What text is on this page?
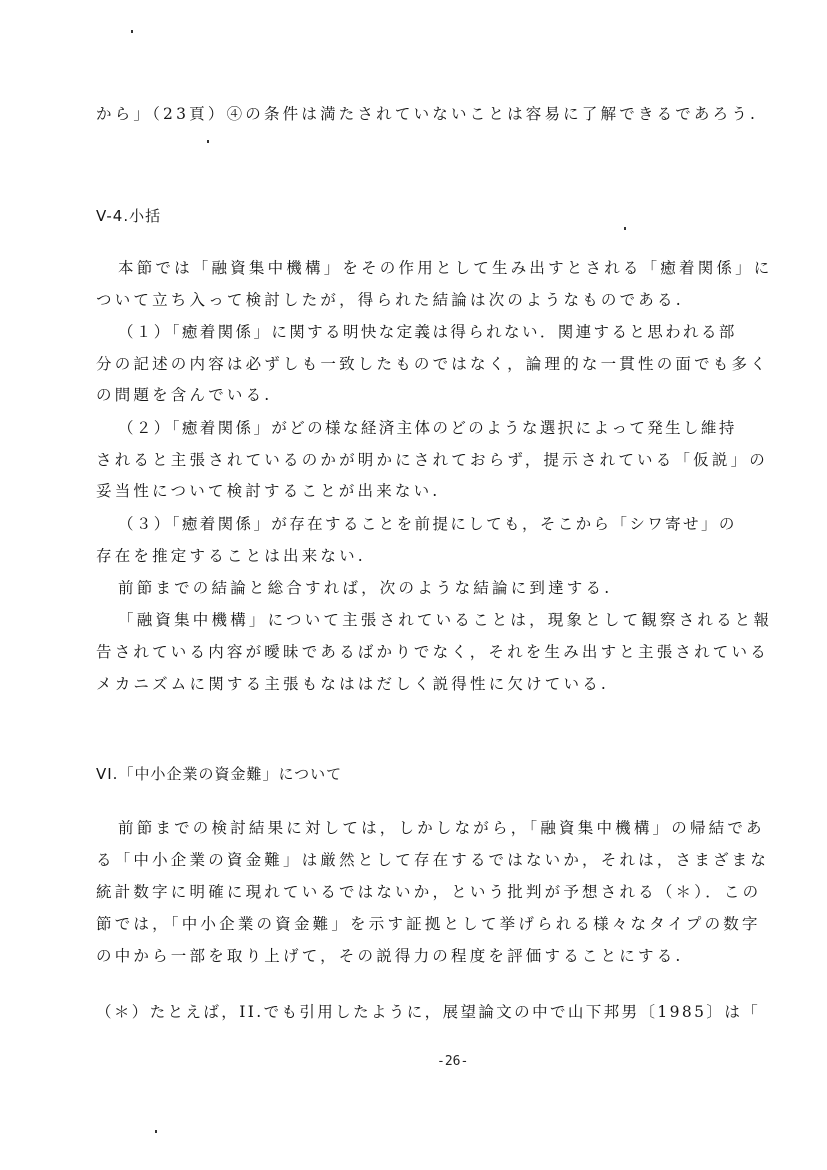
から」（23頁）④の条件は満たされていないことは容易に了解できるであろう.
V-4.小括
本節では「融資集中機構」をその作用として生み出すとされる「癒着関係」に
ついて立ち入って検討したが，得られた結論は次のようなものである.
（１）「癒着関係」に関する明快な定義は得られない．関連すると思われる部
分の記述の内容は必ずしも一致したものではなく，論理的な一貫性の面でも多く
の問題を含んでいる.
（２）「癒着関係」がどの様な経済主体のどのような選択によって発生し維持
されると主張されているのかが明かにされておらず，提示されている「仮説」の
妥当性について検討することが出来ない.
（３）「癒着関係」が存在することを前提にしても，そこから「シワ寄せ」の
存在を推定することは出来ない.
前節までの結論と総合すれば，次のような結論に到達する.
「融資集中機構」について主張されていることは，現象として観察されると報
告されている内容が曖昧であるばかりでなく，それを生み出すと主張されている
メカニズムに関する主張もなははだしく説得性に欠けている.
VI.「中小企業の資金難」について
前節までの検討結果に対しては，しかしながら，「融資集中機構」の帰結であ
る「中小企業の資金難」は厳然として存在するではないか，それは，さまざまな
統計数字に明確に現れているではないか，という批判が予想される（＊）．この
節では，「中小企業の資金難」を示す証拠として挙げられる様々なタイプの数字
の中から一部を取り上げて，その説得力の程度を評価することにする.
（＊）たとえば，II.でも引用したように，展望論文の中で山下邦男〔1985〕は「
-26-
